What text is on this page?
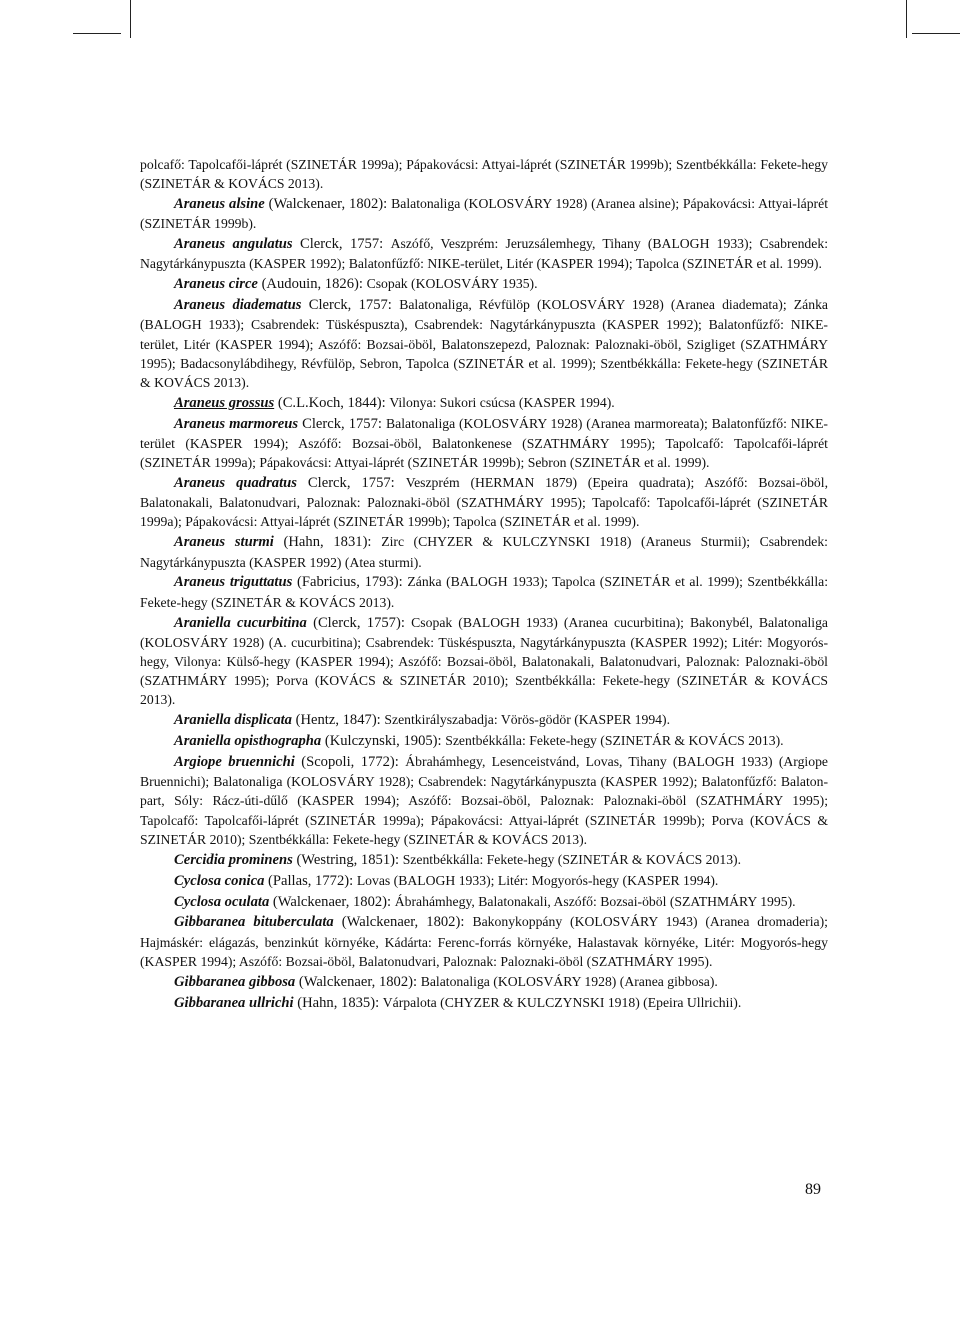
polcafő: Tapolcafői-láprét (SZINETÁR 1999a); Pápakovácsi: Attyai-láprét (SZINETÁR 1999b); Szentbékkálla: Fekete-hegy (SZINETÁR & KOVÁCS 2013).

Araneus alsine (Walckenaer, 1802): Balatonaliga (KOLOSVÁRY 1928) (Aranea alsine); Pápakovácsi: Attyai-láprét (SZINETÁR 1999b).

Araneus angulatus Clerck, 1757: Aszófő, Veszprém: Jeruzsálemhegy, Tihany (BALOGH 1933); Csabrendek: Nagytárkánypuszta (KASPER 1992); Balatonfűzfő: NIKE-terület, Litér (KASPER 1994); Tapolca (SZINETÁR et al. 1999).

Araneus circe (Audouin, 1826): Csopak (KOLOSVÁRY 1935).

Araneus diadematus Clerck, 1757: Balatonaliga, Révfülöp (KOLOSVÁRY 1928) (Aranea diademata); Zánka (BALOGH 1933); Csabrendek: Tüskéspuszta), Csabrendek: Nagytárkánypuszta (KASPER 1992); Balatonfűzfő: NIKE-terület, Litér (KASPER 1994); Aszófő: Bozsai-öböl, Balatonszepezd, Paloznak: Paloznaki-öböl, Szigliget (SZATHMÁRY 1995); Badacsonylábdihegy, Révfülöp, Sebron, Tapolca (SZINETÁR et al. 1999); Szentbékkálla: Fekete-hegy (SZINETÁR & KOVÁCS 2013).

Araneus grossus (C.L.Koch, 1844): Vilonya: Sukori csúcsa (KASPER 1994).

Araneus marmoreus Clerck, 1757: Balatonaliga (KOLOSVÁRY 1928) (Aranea marmoreata); Balatonfűzfő: NIKE-terület (KASPER 1994); Aszófő: Bozsai-öböl, Balatonkenese (SZATHMÁRY 1995); Tapolcafő: Tapolcafői-láprét (SZINETÁR 1999a); Pápakovácsi: Attyai-láprét (SZINETÁR 1999b); Sebron (SZINETÁR et al. 1999).

Araneus quadratus Clerck, 1757: Veszprém (HERMAN 1879) (Epeira quadrata); Aszófő: Bozsai-öböl, Balatonakali, Balatonudvari, Paloznak: Paloznaki-öböl (SZATHMÁRY 1995); Tapolcafő: Tapolcafői-láprét (SZINETÁR 1999a); Pápakovácsi: Attyai-láprét (SZINETÁR 1999b); Tapolca (SZINETÁR et al. 1999).

Araneus sturmi (Hahn, 1831): Zirc (CHYZER & KULCZYNSKI 1918) (Araneus Sturmii); Csabrendek: Nagytárkánypuszta (KASPER 1992) (Atea sturmi).

Araneus triguttatus (Fabricius, 1793): Zánka (BALOGH 1933); Tapolca (SZINETÁR et al. 1999); Szentbékkálla: Fekete-hegy (SZINETÁR & KOVÁCS 2013).

Araniella cucurbitina (Clerck, 1757): Csopak (BALOGH 1933) (Aranea cucurbitina); Bakonybél, Balatonaliga (KOLOSVÁRY 1928) (A. cucurbitina); Csabrendek: Tüskéspuszta, Nagytárkánypuszta (KASPER 1992); Litér: Mogyorós-hegy, Vilonya: Külső-hegy (KASPER 1994); Aszófő: Bozsai-öböl, Balatonakali, Balatonudvari, Paloznak: Paloznaki-öböl (SZATHMÁRY 1995); Porva (KOVÁCS & SZINETÁR 2010); Szentbékkálla: Fekete-hegy (SZINETÁR & KOVÁCS 2013).

Araniella displicata (Hentz, 1847): Szentkirályszabadja: Vörös-gödör (KASPER 1994).

Araniella opisthographa (Kulczynski, 1905): Szentbékkálla: Fekete-hegy (SZINETÁR & KOVÁCS 2013).

Argiope bruennichi (Scopoli, 1772): Ábrahámhegy, Lesenceistvánd, Lovas, Tihany (BALOGH 1933) (Argiope Bruennichi); Balatonaliga (KOLOSVÁRY 1928); Csabrendek: Nagytárkánypuszta (KASPER 1992); Balatonfűzfő: Balaton-part, Sóly: Rácz-úti-dűlő (KASPER 1994); Aszófő: Bozsai-öböl, Paloznak: Paloznaki-öböl (SZATHMÁRY 1995); Tapolcafő: Tapolcafői-láprét (SZINETÁR 1999a); Pápakovácsi: Attyai-láprét (SZINETÁR 1999b); Porva (KOVÁCS & SZINETÁR 2010); Szentbékkálla: Fekete-hegy (SZINETÁR & KOVÁCS 2013).

Cercidia prominens (Westring, 1851): Szentbékkálla: Fekete-hegy (SZINETÁR & KOVÁCS 2013).

Cyclosa conica (Pallas, 1772): Lovas (BALOGH 1933); Litér: Mogyorós-hegy (KASPER 1994).

Cyclosa oculata (Walckenaer, 1802): Ábrahámhegy, Balatonakali, Aszófő: Bozsai-öböl (SZATHMÁRY 1995).

Gibbaranea bituberculata (Walckenaer, 1802): Bakonykoppány (KOLOSVÁRY 1943) (Aranea dromaderia); Hajmáskér: elágazás, benzinkút környéke, Kádárta: Ferenc-forrás környéke, Halastavak környéke, Litér: Mogyorós-hegy (KASPER 1994); Aszófő: Bozsai-öböl, Balatonudvari, Paloznak: Paloznaki-öböl (SZATHMÁRY 1995).

Gibbaranea gibbosa (Walckenaer, 1802): Balatonaliga (KOLOSVÁRY 1928) (Aranea gibbosa).

Gibbaranea ullrichi (Hahn, 1835): Várpalota (CHYZER & KULCZYNSKI 1918) (Epeira Ullrichii).

89
